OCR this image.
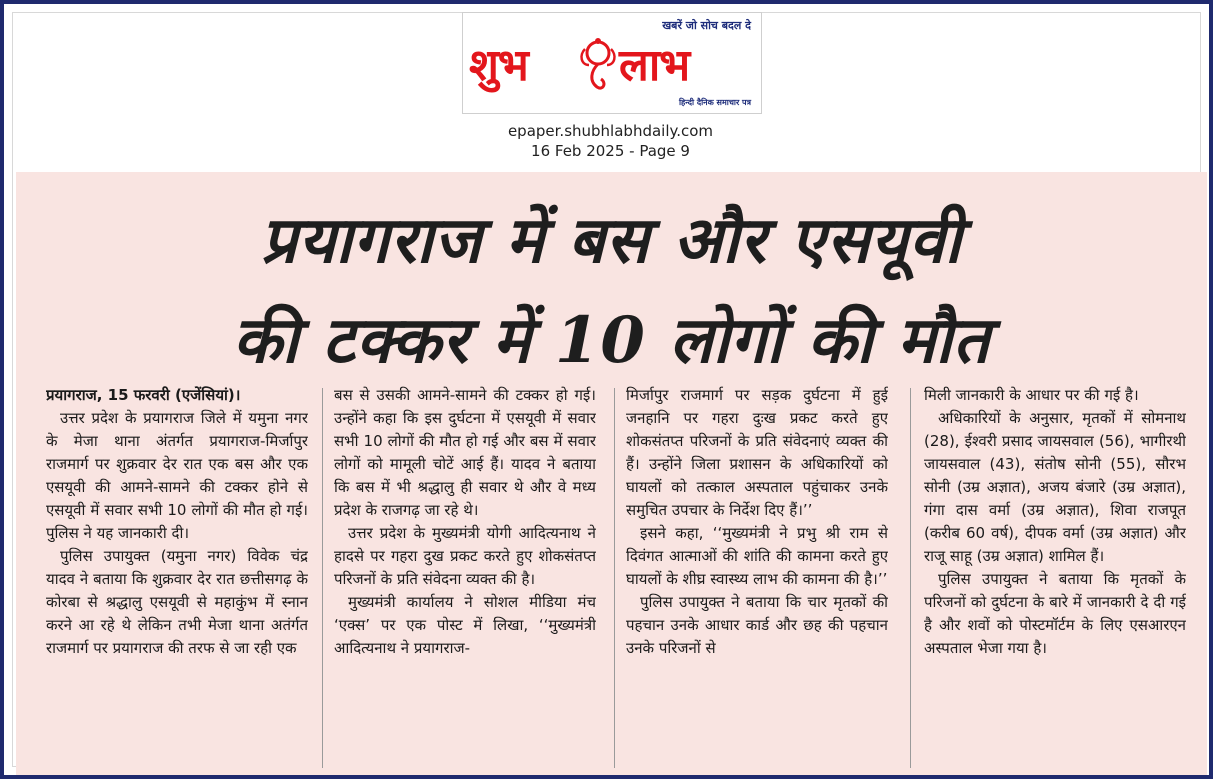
खबरें जो सोच बदल दे
शुभ लाभ
हिन्दी दैनिक समाचार पत्र
epaper.shubhlabhdaily.com
16 Feb 2025 - Page 9
प्रयागराज में बस और एसयूवी
की टक्कर में 10 लोगों की मौत

प्रयागराज, 15 फरवरी (एजेंसियां)।

उत्तर प्रदेश के प्रयागराज जिले में यमुना नगर के मेजा थाना अंतर्गत प्रयागराज-मिर्जापुर राजमार्ग पर शुक्रवार देर रात एक बस और एक एसयूवी की आमने-सामने की टक्कर होने से एसयूवी में सवार सभी 10 लोगों की मौत हो गई। पुलिस ने यह जानकारी दी।

पुलिस उपायुक्त (यमुना नगर) विवेक चंद्र यादव ने बताया कि शुक्रवार देर रात छत्तीसगढ़ के कोरबा से श्रद्धालु एसयूवी से महाकुंभ में स्नान करने आ रहे थे लेकिन तभी मेजा थाना अतंर्गत राजमार्ग पर प्रयागराज की तरफ से जा रही एक

बस से उसकी आमने-सामने की टक्कर हो गई। उन्होंने कहा कि इस दुर्घटना में एसयूवी में सवार सभी 10 लोगों की मौत हो गई और बस में सवार लोगों को मामूली चोटें आई हैं। यादव ने बताया कि बस में भी श्रद्धालु ही सवार थे और वे मध्य प्रदेश के राजगढ़ जा रहे थे।

उत्तर प्रदेश के मुख्यमंत्री योगी आदित्यनाथ ने हादसे पर गहरा दुख प्रकट करते हुए शोकसंतप्त परिजनों के प्रति संवेदना व्यक्त की है।

मुख्यमंत्री कार्यालय ने सोशल मीडिया मंच ‘एक्स’ पर एक पोस्ट में लिखा, ‘‘मुख्यमंत्री आदित्यनाथ ने प्रयागराज-

मिर्जापुर राजमार्ग पर सड़क दुर्घटना में हुई जनहानि पर गहरा दुःख प्रकट करते हुए शोकसंतप्त परिजनों के प्रति संवेदनाएं व्यक्त की हैं। उन्होंने जिला प्रशासन के अधिकारियों को घायलों को तत्काल अस्पताल पहुंचाकर उनके समुचित उपचार के निर्देश दिए हैं।’’

इसने कहा, ‘‘मुख्यमंत्री ने प्रभु श्री राम से दिवंगत आत्माओं की शांति की कामना करते हुए घायलों के शीघ्र स्वास्थ्य लाभ की कामना की है।’’

पुलिस उपायुक्त ने बताया कि चार मृतकों की पहचान उनके आधार कार्ड और छह की पहचान उनके परिजनों से

मिली जानकारी के आधार पर की गई है।

अधिकारियों के अनुसार, मृतकों में सोमनाथ (28), ईश्वरी प्रसाद जायसवाल (56), भागीरथी जायसवाल (43), संतोष सोनी (55), सौरभ सोनी (उम्र अज्ञात), अजय बंजारे (उम्र अज्ञात), गंगा दास वर्मा (उम्र अज्ञात), शिवा राजपूत (करीब 60 वर्ष), दीपक वर्मा (उम्र अज्ञात) और राजू साहू (उम्र अज्ञात) शामिल हैं।

पुलिस उपायुक्त ने बताया कि मृतकों के परिजनों को दुर्घटना के बारे में जानकारी दे दी गई है और शवों को पोस्टमॉर्टम के लिए एसआरएन अस्पताल भेजा गया है।
